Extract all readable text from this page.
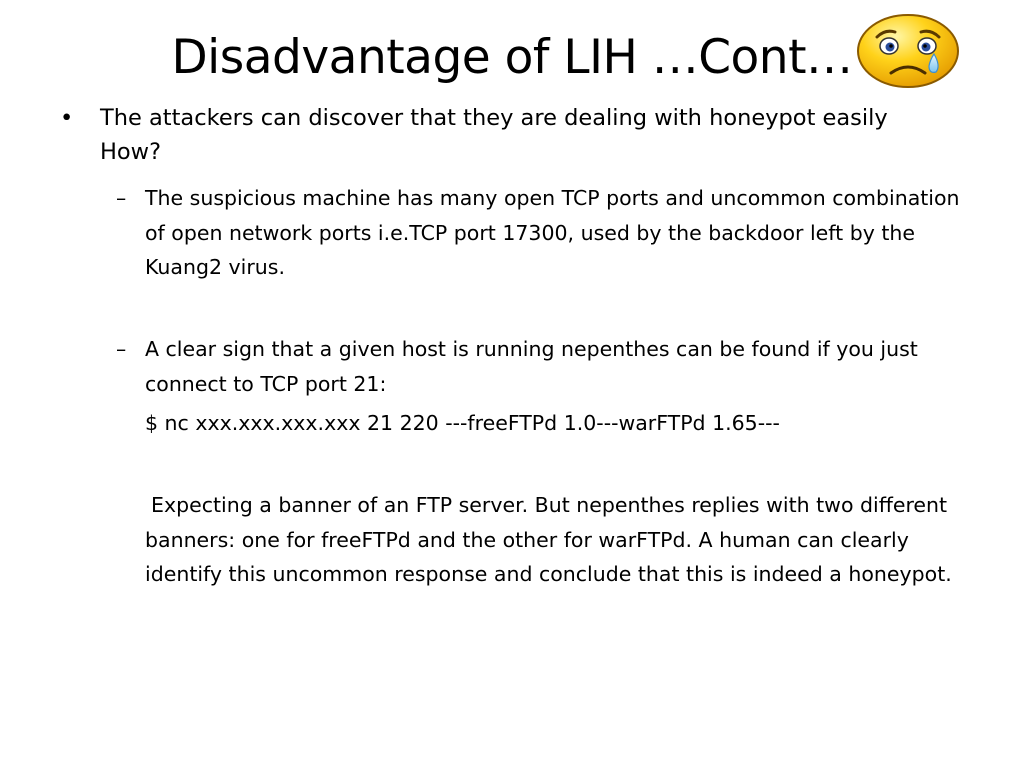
Disadvantage of LIH …Cont…
• The attackers can discover that they are dealing with honeypot easily How?
– The suspicious machine has many open TCP ports and uncommon combination of open network ports i.e.TCP port 17300, used by the backdoor left by the Kuang2 virus.
– A clear sign that a given host is running nepenthes can be found if you just connect to TCP port 21:
$ nc xxx.xxx.xxx.xxx 21 220 ---freeFTPd 1.0---warFTPd 1.65---
Expecting a banner of an FTP server. But nepenthes replies with two different banners: one for freeFTPd and the other for warFTPd. A human can clearly identify this uncommon response and conclude that this is indeed a honeypot.
